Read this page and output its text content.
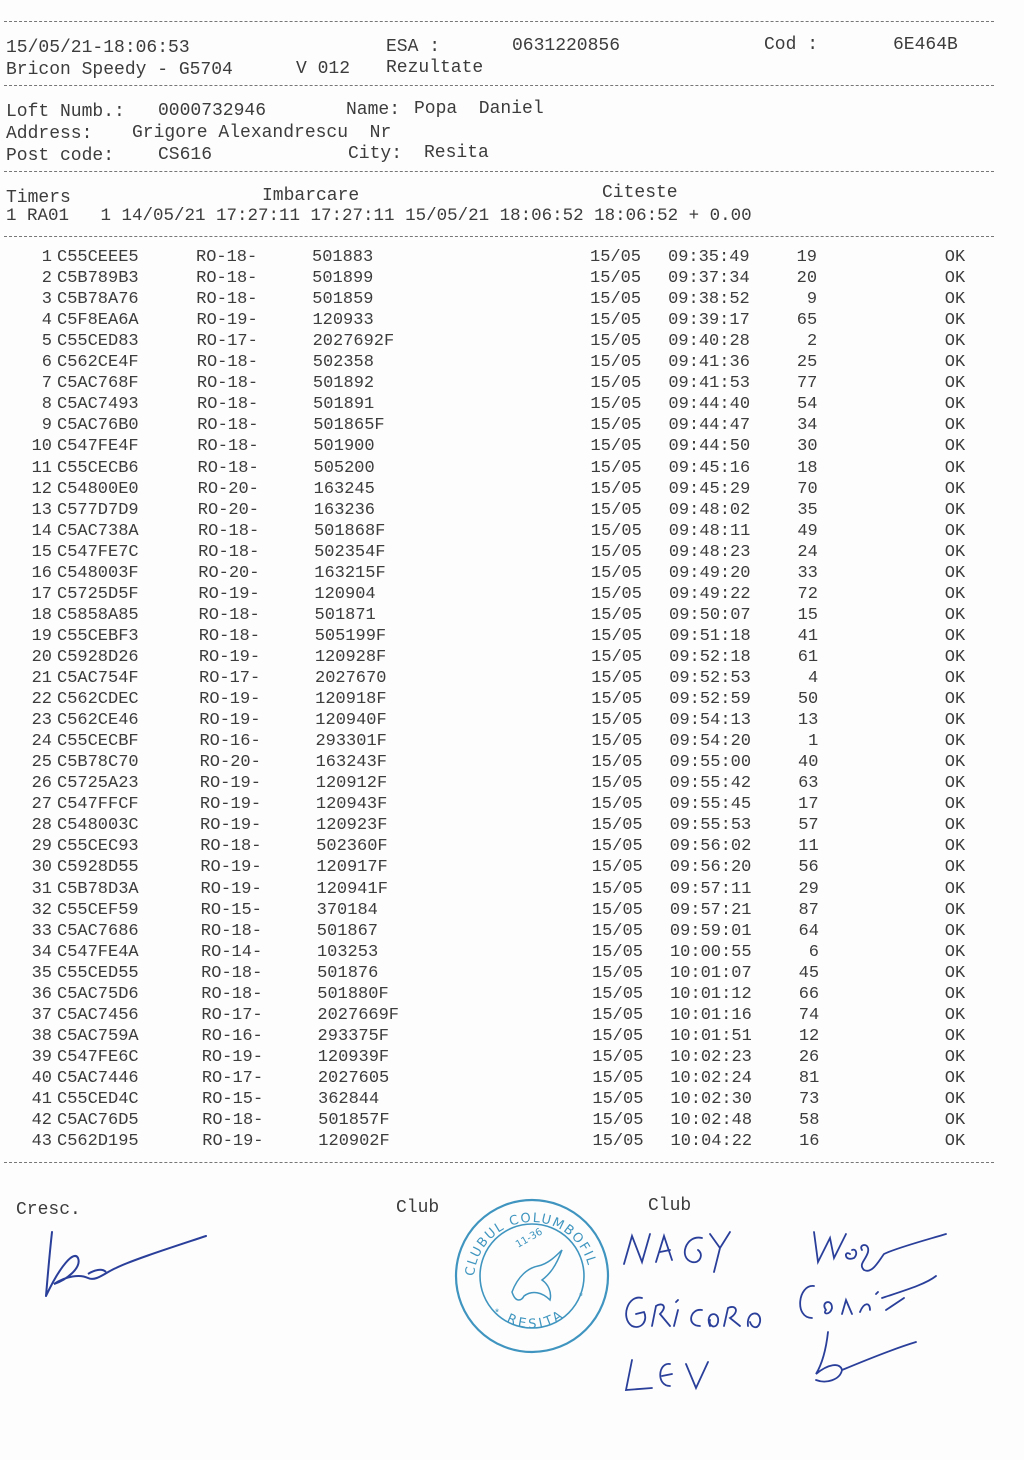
15/05/21-18:06:53	ESA :	0631220856	Cod :	6E464B
Bricon Speedy - G5704	V 012 Rezultate
Loft Numb.: 0000732946	Name: Popa  Daniel
Address: Grigore Alexandrescu  Nr
Post code: CS616	City: Resita
Timers	Imbarcare	Citeste
1 RA01   1 14/05/21 17:27:11 17:27:11 15/05/21 18:06:52 18:06:52 + 0.00
1 C55CEEE5	RO-18-	501883	15/05 09:35:49	19	OK
2 C5B789B3	RO-18-	501899	15/05 09:37:34	20	OK
3 C5B78A76	RO-18-	501859	15/05 09:38:52	9	OK
4 C5F8EA6A	RO-19-	120933	15/05 09:39:17	65	OK
5 C55CED83	RO-17-	2027692F	15/05 09:40:28	2	OK
6 C562CE4F	RO-18-	502358	15/05 09:41:36	25	OK
7 C5AC768F	RO-18-	501892	15/05 09:41:53	77	OK
8 C5AC7493	RO-18-	501891	15/05 09:44:40	54	OK
9 C5AC76B0	RO-18-	501865F	15/05 09:44:47	34	OK
10 C547FE4F	RO-18-	501900	15/05 09:44:50	30	OK
11 C55CECB6	RO-18-	505200	15/05 09:45:16	18	OK
12 C54800E0	RO-20-	163245	15/05 09:45:29	70	OK
13 C577D7D9	RO-20-	163236	15/05 09:48:02	35	OK
14 C5AC738A	RO-18-	501868F	15/05 09:48:11	49	OK
15 C547FE7C	RO-18-	502354F	15/05 09:48:23	24	OK
16 C548003F	RO-20-	163215F	15/05 09:49:20	33	OK
17 C5725D5F	RO-19-	120904	15/05 09:49:22	72	OK
18 C5858A85	RO-18-	501871	15/05 09:50:07	15	OK
19 C55CEBF3	RO-18-	505199F	15/05 09:51:18	41	OK
20 C5928D26	RO-19-	120928F	15/05 09:52:18	61	OK
21 C5AC754F	RO-17-	2027670	15/05 09:52:53	4	OK
22 C562CDEC	RO-19-	120918F	15/05 09:52:59	50	OK
23 C562CE46	RO-19-	120940F	15/05 09:54:13	13	OK
24 C55CECBF	RO-16-	293301F	15/05 09:54:20	1	OK
25 C5B78C70	RO-20-	163243F	15/05 09:55:00	40	OK
26 C5725A23	RO-19-	120912F	15/05 09:55:42	63	OK
27 C547FFCF	RO-19-	120943F	15/05 09:55:45	17	OK
28 C548003C	RO-19-	120923F	15/05 09:55:53	57	OK
29 C55CEC93	RO-18-	502360F	15/05 09:56:02	11	OK
30 C5928D55	RO-19-	120917F	15/05 09:56:20	56	OK
31 C5B78D3A	RO-19-	120941F	15/05 09:57:11	29	OK
32 C55CEF59	RO-15-	370184	15/05 09:57:21	87	OK
33 C5AC7686	RO-18-	501867	15/05 09:59:01	64	OK
34 C547FE4A	RO-14-	103253	15/05 10:00:55	6	OK
35 C55CED55	RO-18-	501876	15/05 10:01:07	45	OK
36 C5AC75D6	RO-18-	501880F	15/05 10:01:12	66	OK
37 C5AC7456	RO-17-	2027669F	15/05 10:01:16	74	OK
38 C5AC759A	RO-16-	293375F	15/05 10:01:51	12	OK
39 C547FE6C	RO-19-	120939F	15/05 10:02:23	26	OK
40 C5AC7446	RO-17-	2027605	15/05 10:02:24	81	OK
41 C55CED4C	RO-15-	362844	15/05 10:02:30	73	OK
42 C5AC76D5	RO-18-	501857F	15/05 10:02:48	58	OK
43 C562D195	RO-19-	120902F	15/05 10:04:22	16	OK
Cresc.	Club	Club
CLUBUL COLUMBOFIL
RESITA
11-36
*
*
